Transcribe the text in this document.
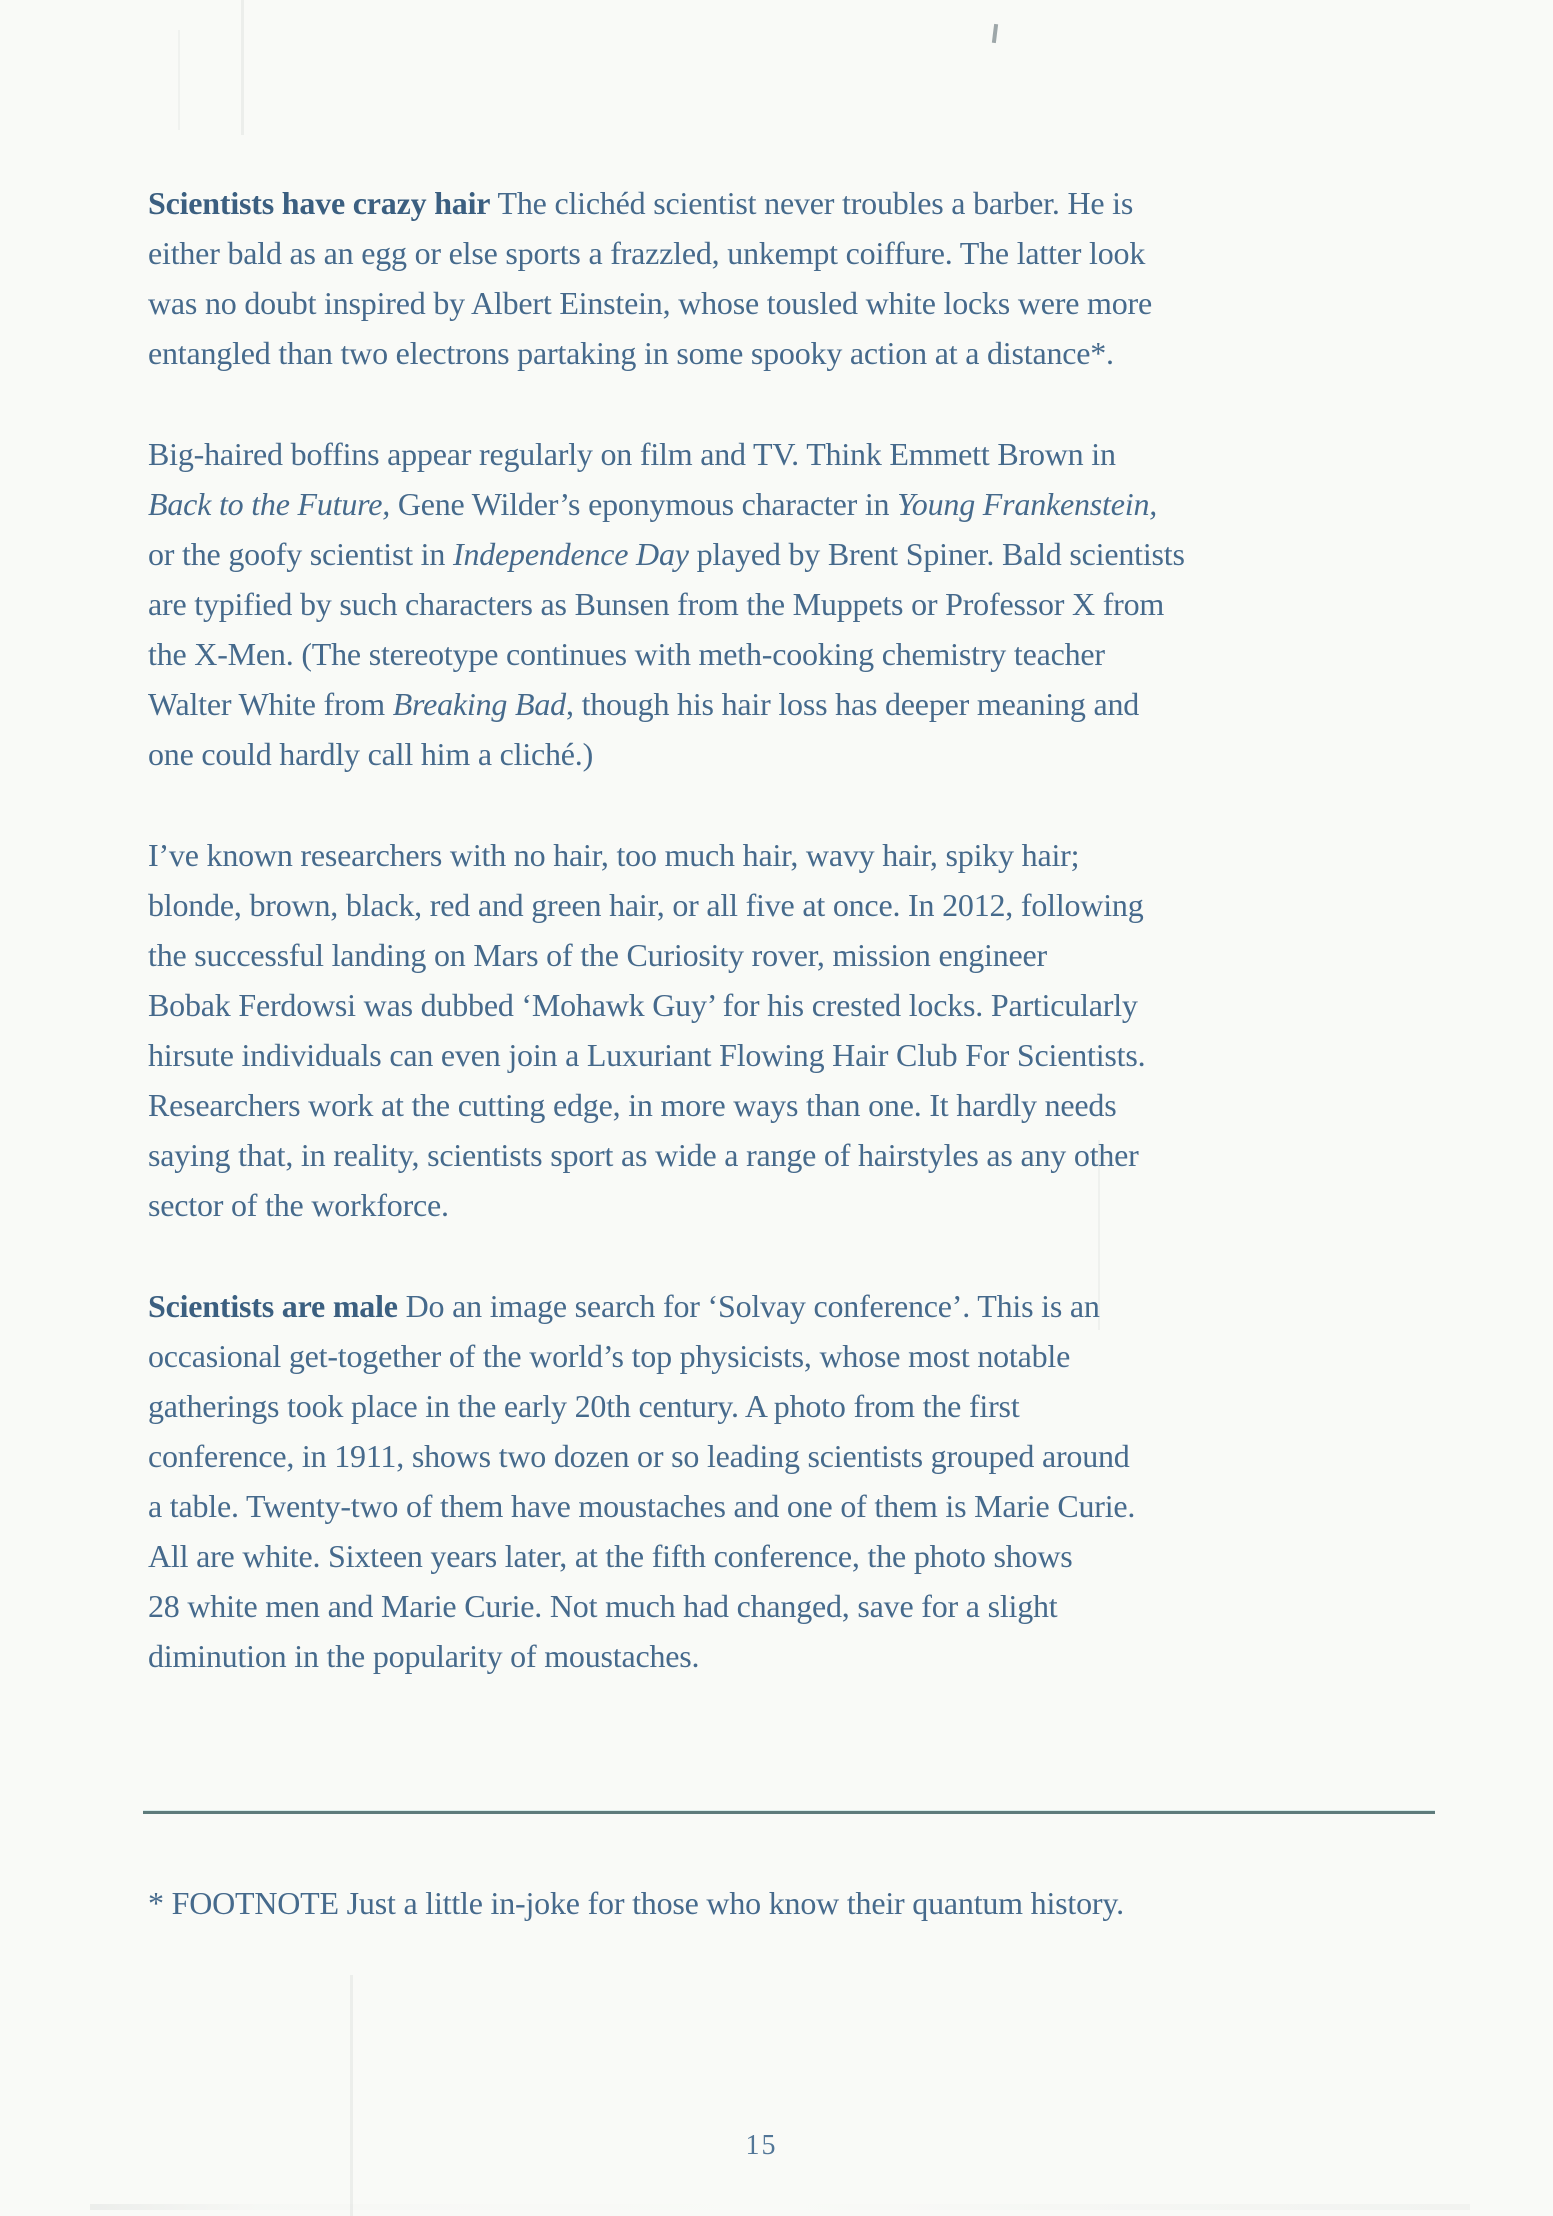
Scientists have crazy hair The clichéd scientist never troubles a barber. He is
either bald as an egg or else sports a frazzled, unkempt coiffure. The latter look
was no doubt inspired by Albert Einstein, whose tousled white locks were more
entangled than two electrons partaking in some spooky action at a distance*.
Big-haired boffins appear regularly on film and TV. Think Emmett Brown in
Back to the Future, Gene Wilder’s eponymous character in Young Frankenstein,
or the goofy scientist in Independence Day played by Brent Spiner. Bald scientists
are typified by such characters as Bunsen from the Muppets or Professor X from
the X-Men. (The stereotype continues with meth-cooking chemistry teacher
Walter White from Breaking Bad, though his hair loss has deeper meaning and
one could hardly call him a cliché.)
I’ve known researchers with no hair, too much hair, wavy hair, spiky hair;
blonde, brown, black, red and green hair, or all five at once. In 2012, following
the successful landing on Mars of the Curiosity rover, mission engineer
Bobak Ferdowsi was dubbed ‘Mohawk Guy’ for his crested locks. Particularly
hirsute individuals can even join a Luxuriant Flowing Hair Club For Scientists.
Researchers work at the cutting edge, in more ways than one. It hardly needs
saying that, in reality, scientists sport as wide a range of hairstyles as any other
sector of the workforce.
Scientists are male Do an image search for ‘Solvay conference’. This is an
occasional get-together of the world’s top physicists, whose most notable
gatherings took place in the early 20th century. A photo from the first
conference, in 1911, shows two dozen or so leading scientists grouped around
a table. Twenty-two of them have moustaches and one of them is Marie Curie.
All are white. Sixteen years later, at the fifth conference, the photo shows
28 white men and Marie Curie. Not much had changed, save for a slight
diminution in the popularity of moustaches.
* FOOTNOTE Just a little in-joke for those who know their quantum history.
15
